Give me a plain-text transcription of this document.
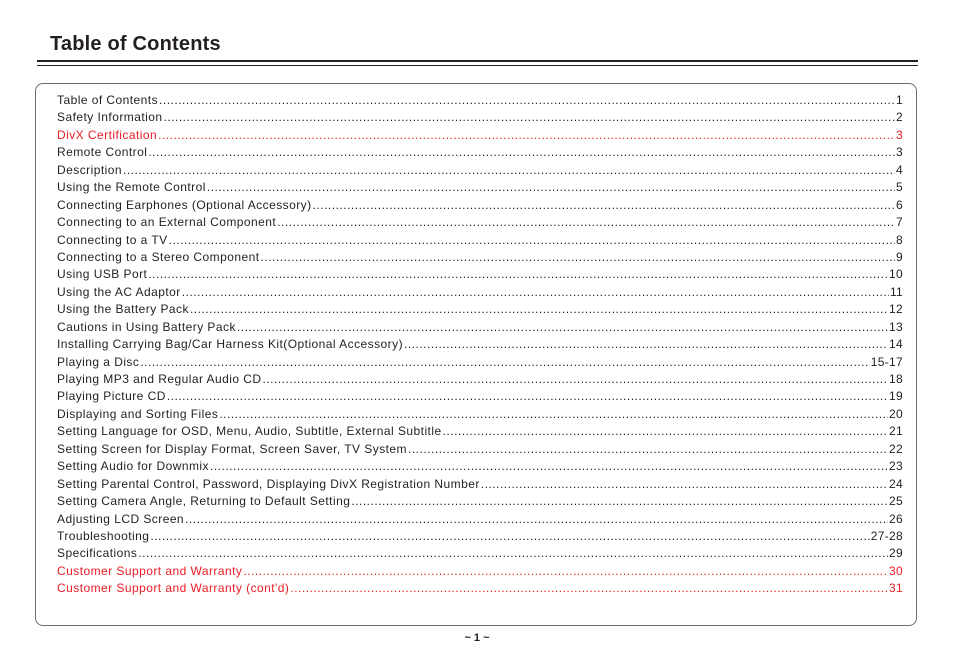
Table of Contents
Table of Contents .....	1
Safety Information .....	2
DivX Certification .....	3
Remote Control .....	3
Description .....	4
Using the Remote Control .....	5
Connecting Earphones (Optional Accessory) .....	6
Connecting to an External Component .....	7
Connecting to a TV .....	8
Connecting to a Stereo Component .....	9
Using USB Port .....	10
Using the AC Adaptor .....	11
Using the Battery Pack .....	12
Cautions in Using Battery Pack .....	13
Installing Carrying Bag/Car Harness Kit(Optional Accessory) .....	14
Playing a Disc .....	15-17
Playing MP3 and Regular Audio CD .....	18
Playing Picture CD .....	19
Displaying and Sorting Files .....	20
Setting Language for OSD, Menu, Audio, Subtitle, External Subtitle .....	21
Setting Screen for Display Format, Screen Saver, TV System .....	22
Setting Audio for Downmix .....	23
Setting Parental Control, Password, Displaying DivX Registration Number .....	24
Setting Camera Angle, Returning to Default Setting .....	25
Adjusting LCD Screen .....	26
Troubleshooting .....	27-28
Specifications .....	29
Customer Support and Warranty .....	30
Customer Support and Warranty (cont'd) .....	31
~ 1 ~
